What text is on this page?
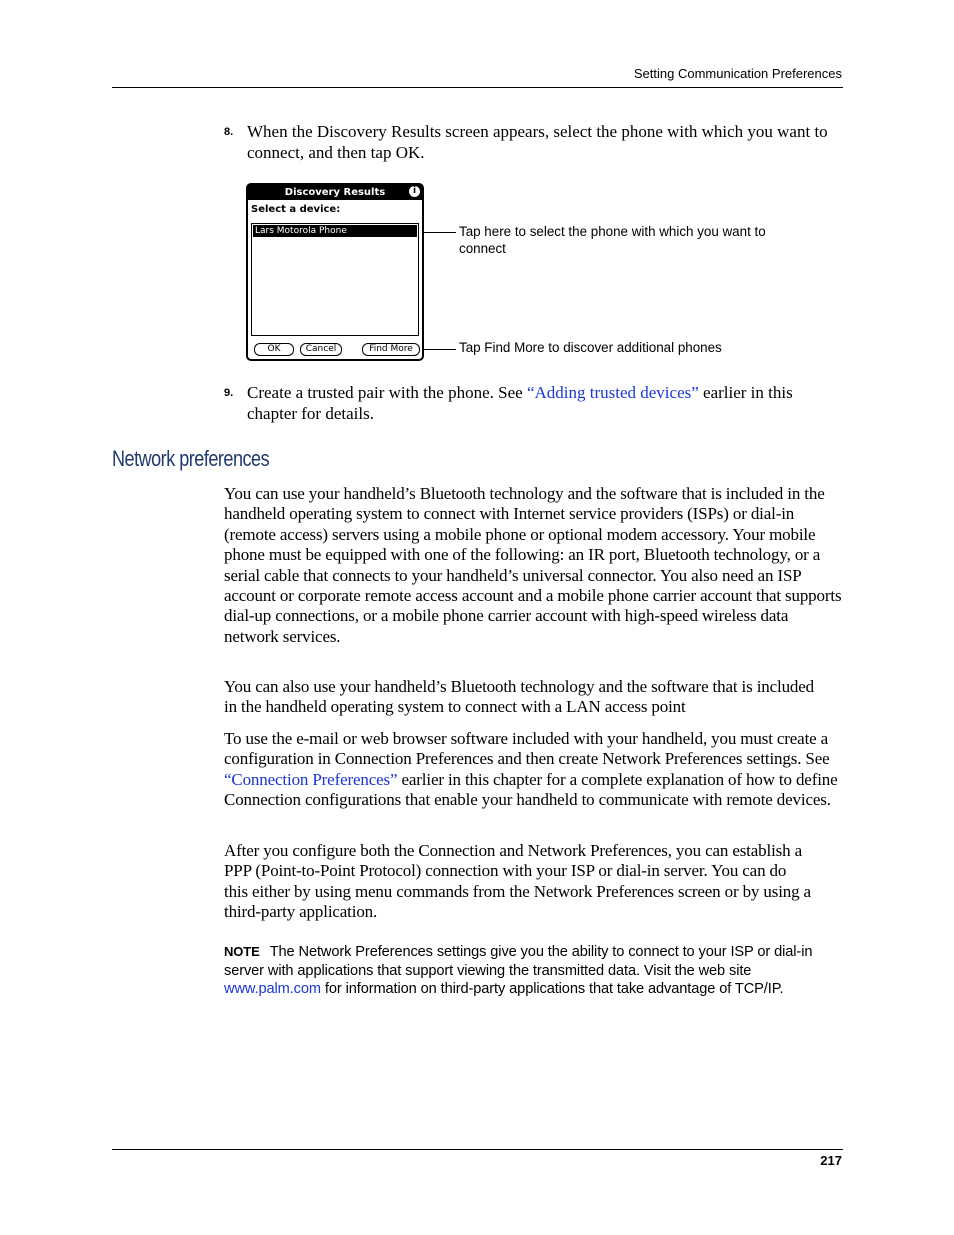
Setting Communication Preferences
8. When the Discovery Results screen appears, select the phone with which you want to connect, and then tap OK.
Discovery Results	i
Select a device:
Lars Motorola Phone
OK	Cancel	Find More
Tap here to select the phone with which you want to connect
Tap Find More to discover additional phones
9. Create a trusted pair with the phone. See “Adding trusted devices” earlier in this chapter for details.
Network preferences
You can use your handheld’s Bluetooth technology and the software that is included in the handheld operating system to connect with Internet service providers (ISPs) or dial-in (remote access) servers using a mobile phone or optional modem accessory. Your mobile phone must be equipped with one of the following: an IR port, Bluetooth technology, or a serial cable that connects to your handheld’s universal connector. You also need an ISP account or corporate remote access account and a mobile phone carrier account that supports dial-up connections, or a mobile phone carrier account with high-speed wireless data network services.
You can also use your handheld’s Bluetooth technology and the software that is included in the handheld operating system to connect with a LAN access point
To use the e-mail or web browser software included with your handheld, you must create a configuration in Connection Preferences and then create Network Preferences settings. See “Connection Preferences” earlier in this chapter for a complete explanation of how to define Connection configurations that enable your handheld to communicate with remote devices.
After you configure both the Connection and Network Preferences, you can establish a PPP (Point-to-Point Protocol) connection with your ISP or dial-in server. You can do this either by using menu commands from the Network Preferences screen or by using a third-party application.
NOTE The Network Preferences settings give you the ability to connect to your ISP or dial-in server with applications that support viewing the transmitted data. Visit the web site www.palm.com for information on third-party applications that take advantage of TCP/IP.
217
